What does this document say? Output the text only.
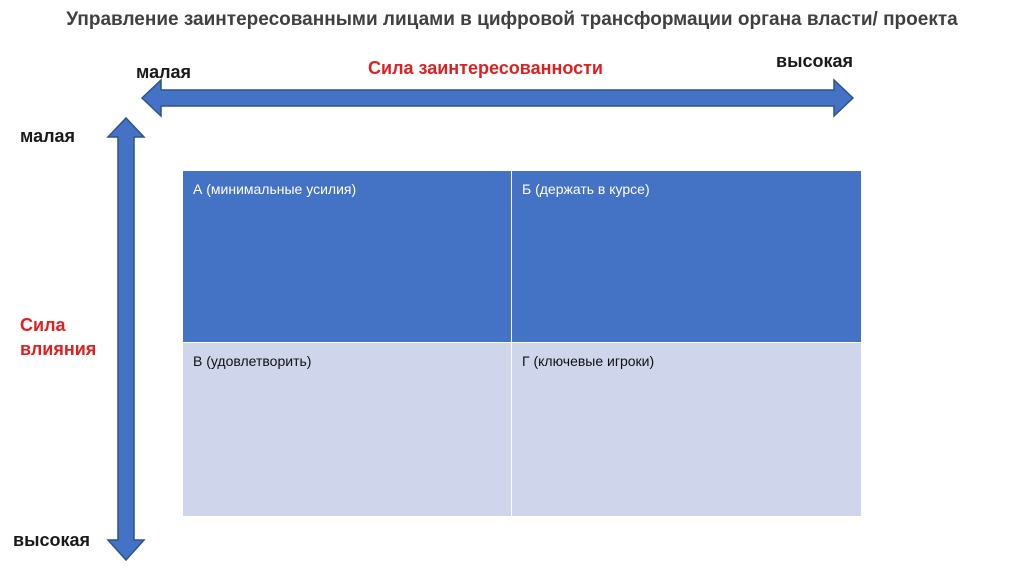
Управление заинтересованными лицами в цифровой трансформации органа власти/ проекта
малая	Сила заинтересованности	высокая
малая
Сила
влияния
высокая
А (минимальные усилия)	Б (держать в курсе)
В (удовлетворить)	Г (ключевые игроки)
